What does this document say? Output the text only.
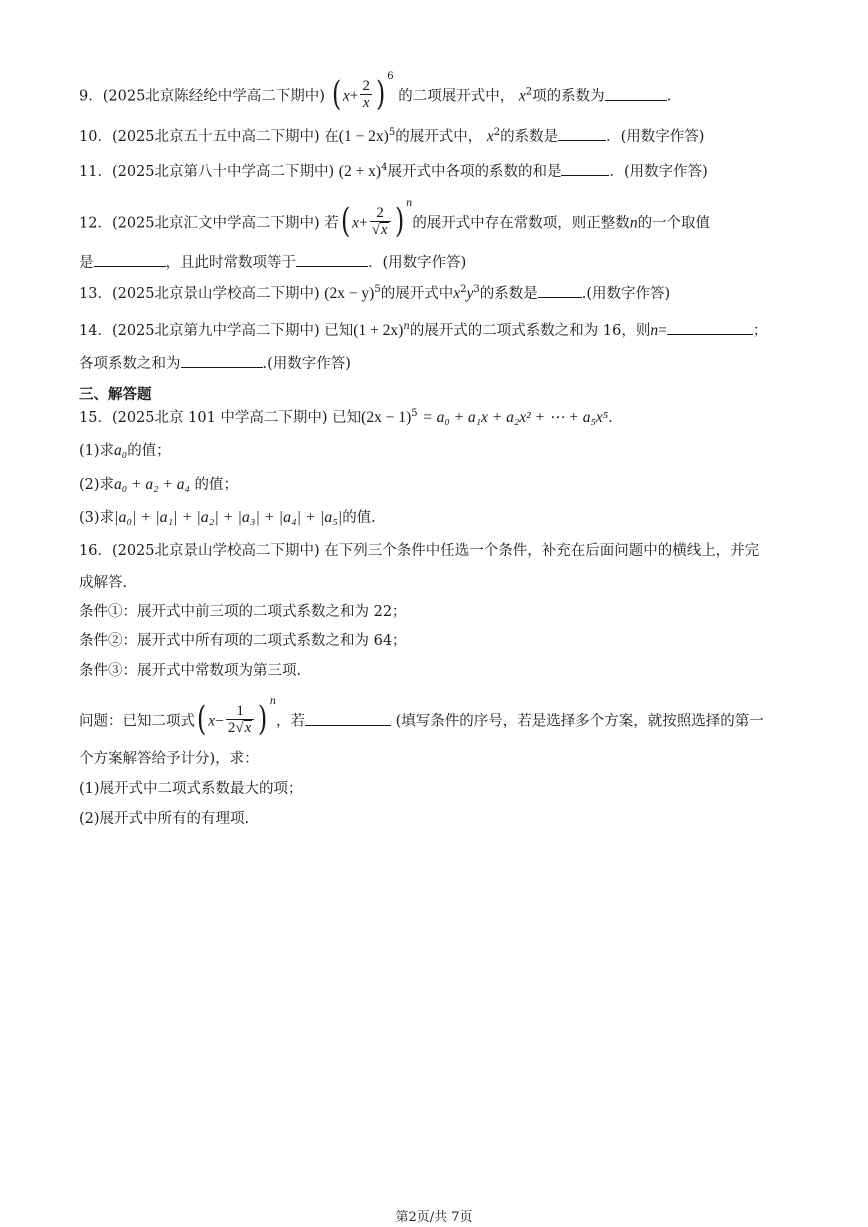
9．(2025北京陈经纶中学高二下期中) ( $x+ \frac{2}{x}$ ) $^6$ 的二项展开式中， $x^2$项的系数为	.
10．(2025北京五十五中高二下期中) 在$(1 - 2x)^5$的展开式中， $x^2$的系数是	．(用数字作答)
11．(2025北京第八十中学高二下期中) $(2 + x)^4$展开式中各项的系数的和是	．(用数字作答)
12．(2025北京汇文中学高二下期中) 若( $x+ \frac{2}{√x}$ ) $^n$的展开式中存在常数项，则正整数n的一个取值
是	，且此时常数项等于	．(用数字作答)
13．(2025北京景山学校高二下期中) $(2x - y)^5$的展开式中$x^2y^3$的系数是	.(用数字作答)
14．(2025北京第九中学高二下期中) 已知$(1 + 2x)^n$的展开式的二项式系数之和为 16，则n=	；
各项系数之和为	.(用数字作答)
三、解答题
15．(2025北京 101 中学高二下期中) 已知$(2x - 1)^5 = a_0 + a_1x + a_2x^2$ + ⋯ + a₅x⁵．
(1)求a₀的值；
(2)求a₀ + a₂ + a₄ 的值；
(3)求|a₀| + |a₁| + |a₂| + |a₃| + |a₄| + |a₅|的值.
16．(2025北京景山学校高二下期中) 在下列三个条件中任选一个条件，补充在后面问题中的横线上，并完
成解答.
条件①：展开式中前三项的二项式系数之和为 22；
条件②：展开式中所有项的二项式系数之和为 64；
条件③：展开式中常数项为第三项.
问题：已知二项式( $x- \frac{1}{2√x}$ ) $^n$，若	(填写条件的序号，若是选择多个方案，就按照选择的第一
个方案解答给予计分)，求：
(1)展开式中二项式系数最大的项；
(2)展开式中所有的有理项.
第2页/共 7页
